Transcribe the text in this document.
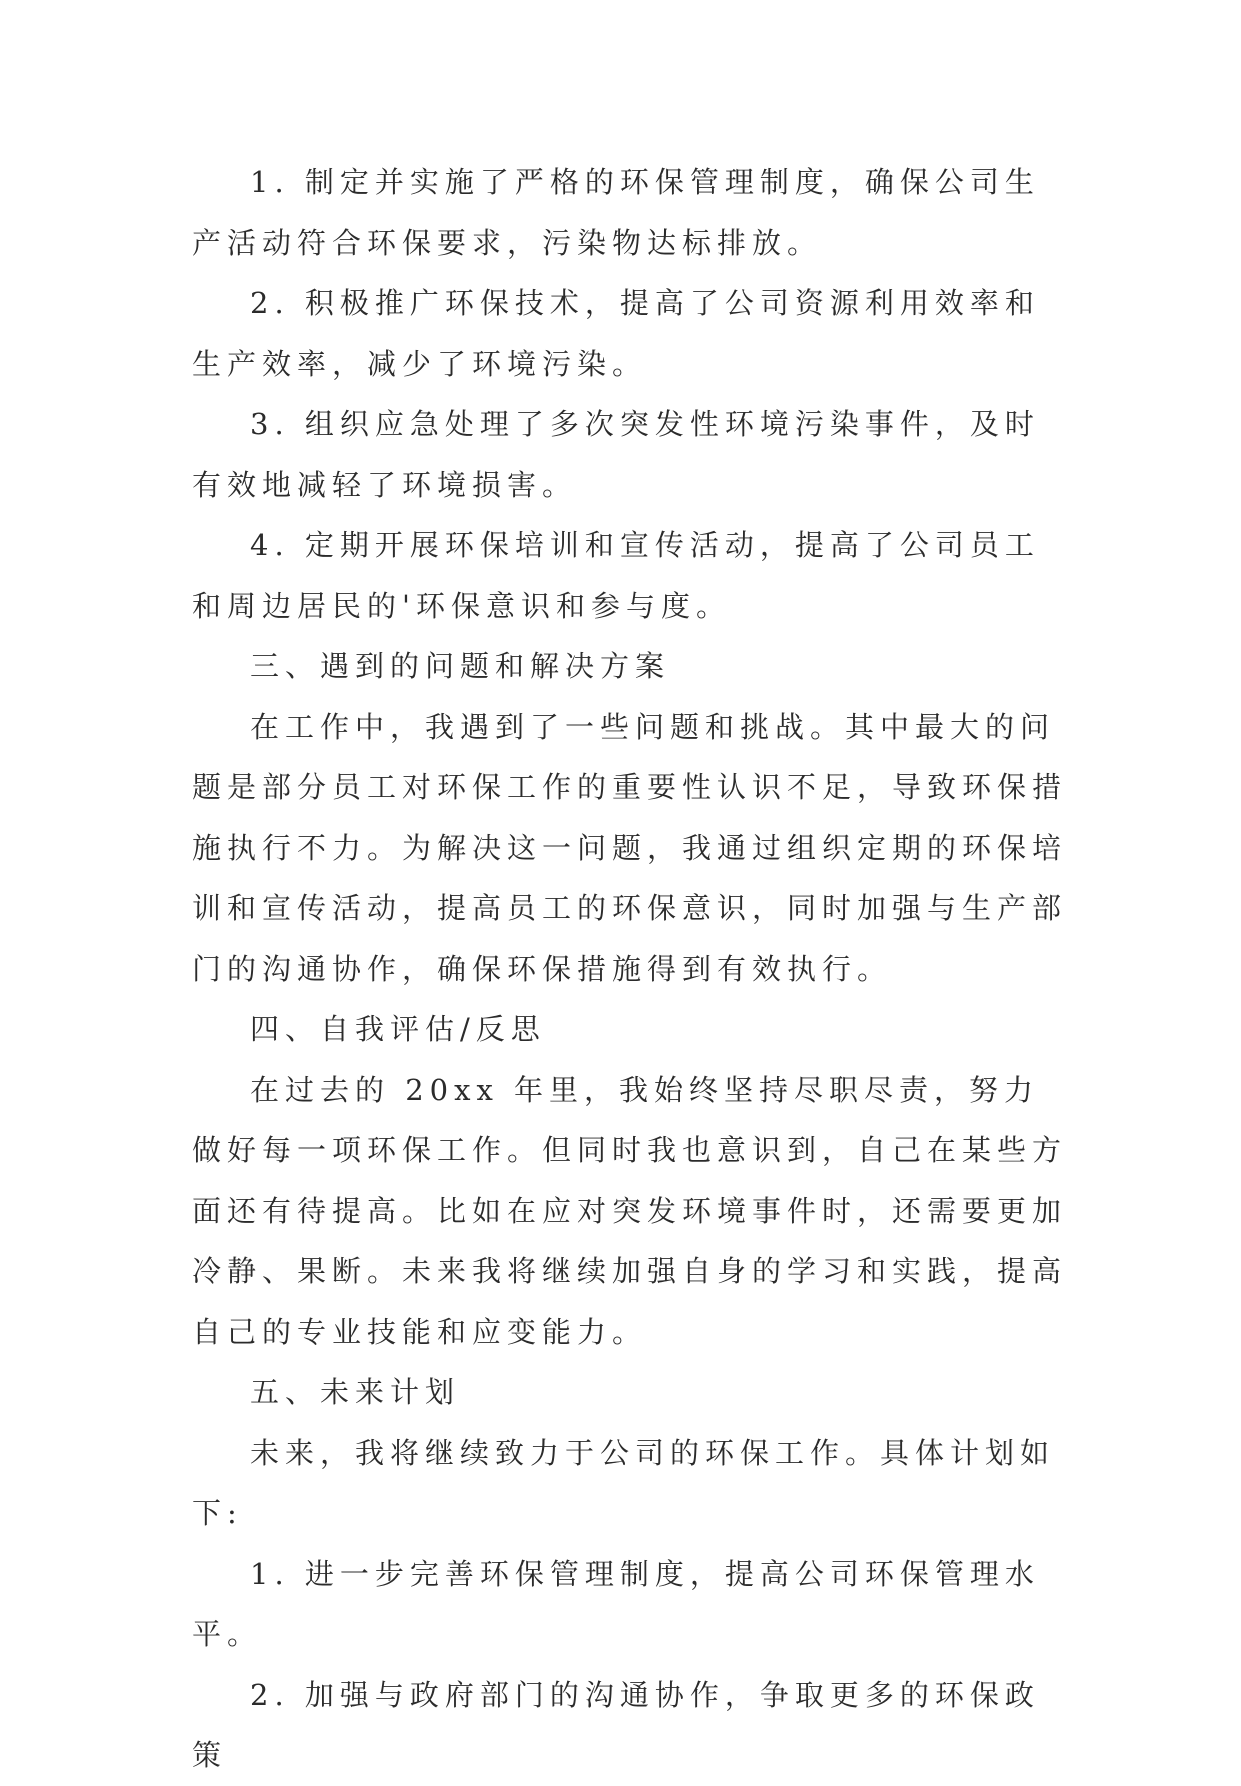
1. 制定并实施了严格的环保管理制度，确保公司生产活动符合环保要求，污染物达标排放。

2. 积极推广环保技术，提高了公司资源利用效率和生产效率，减少了环境污染。

3. 组织应急处理了多次突发性环境污染事件，及时有效地减轻了环境损害。

4. 定期开展环保培训和宣传活动，提高了公司员工和周边居民的'环保意识和参与度。

三、遇到的问题和解决方案

在工作中，我遇到了一些问题和挑战。其中最大的问题是部分员工对环保工作的重要性认识不足，导致环保措施执行不力。为解决这一问题，我通过组织定期的环保培训和宣传活动，提高员工的环保意识，同时加强与生产部门的沟通协作，确保环保措施得到有效执行。

四、自我评估/反思

在过去的 20xx 年里，我始终坚持尽职尽责，努力做好每一项环保工作。但同时我也意识到，自己在某些方面还有待提高。比如在应对突发环境事件时，还需要更加冷静、果断。未来我将继续加强自身的学习和实践，提高自己的专业技能和应变能力。

五、未来计划

未来，我将继续致力于公司的环保工作。具体计划如下:

1. 进一步完善环保管理制度，提高公司环保管理水平。

2. 加强与政府部门的沟通协作，争取更多的环保政策
